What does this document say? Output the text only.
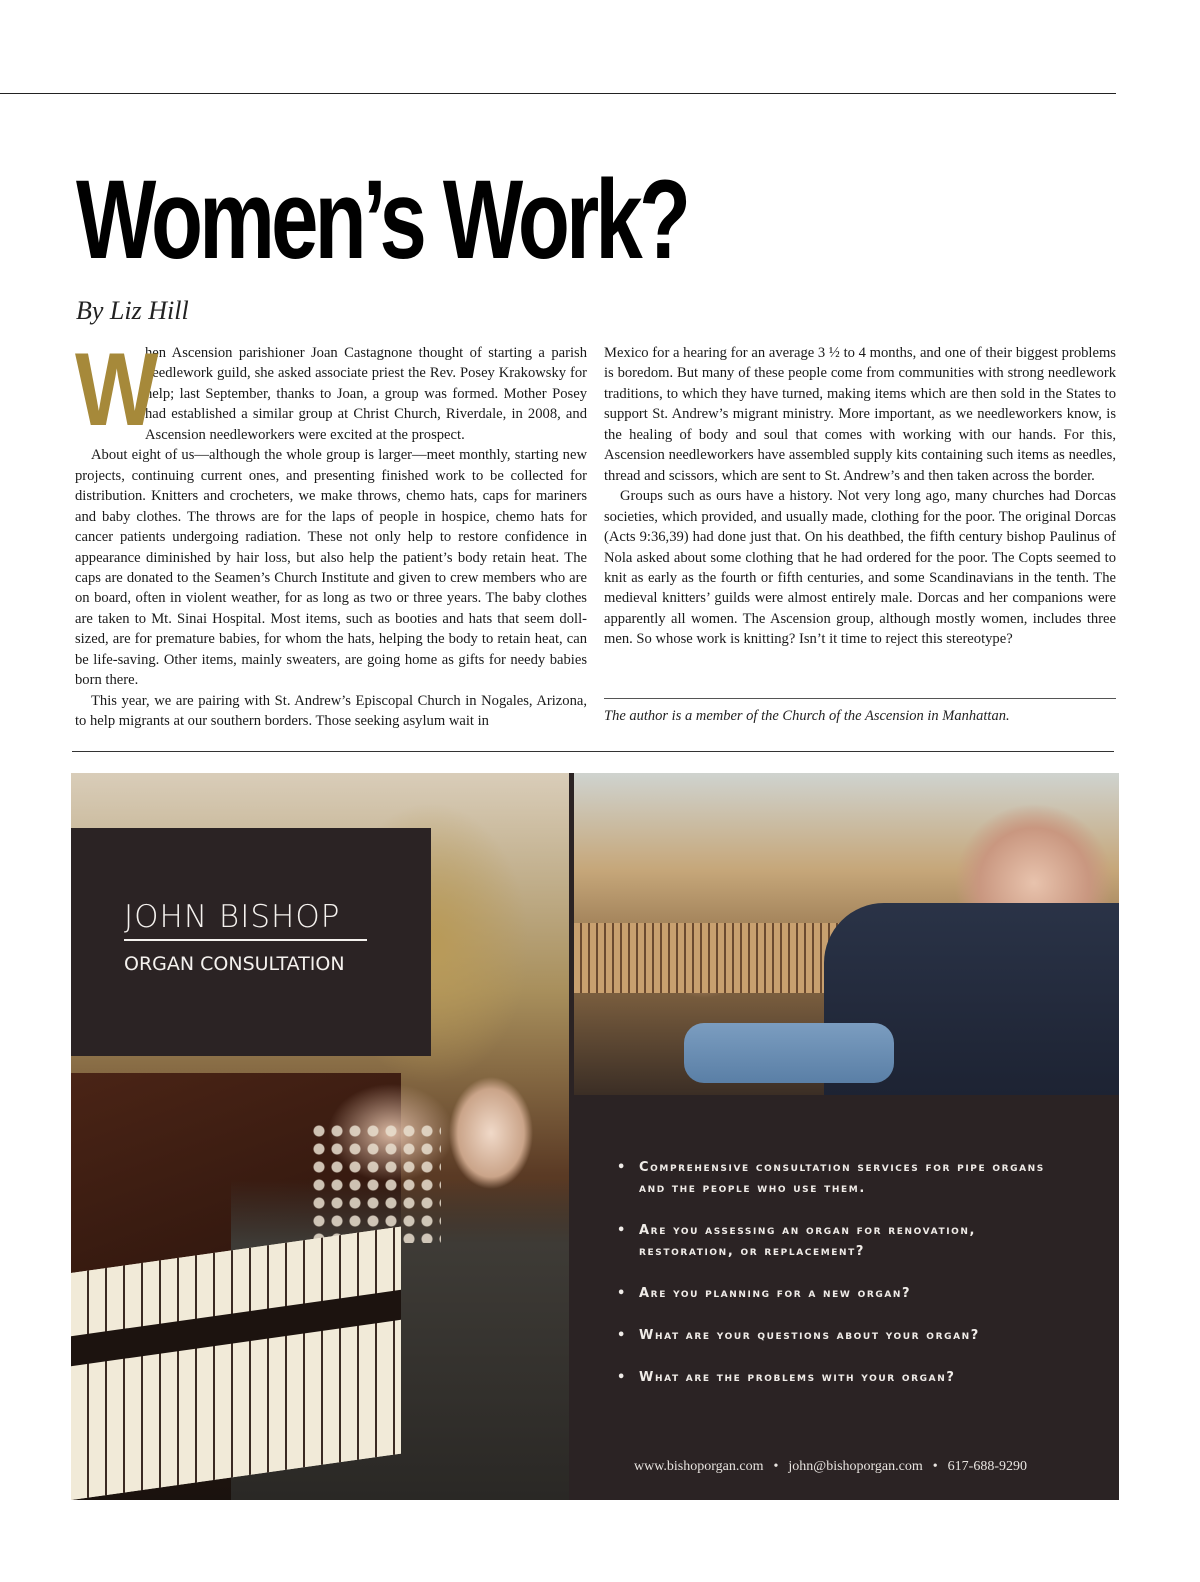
Women’s Work?
By Liz Hill

W
hen Ascension parishioner Joan Castagnone thought of starting a parish needlework guild, she asked associate priest the Rev. Posey Krakowsky for help; last September, thanks to Joan, a group was formed. Mother Posey had established a similar group at Christ Church, Riverdale, in 2008, and Ascension needleworkers were excited at the prospect.

About eight of us—although the whole group is larger—meet monthly, starting new projects, continuing current ones, and presenting finished work to be collected for distribution. Knitters and crocheters, we make throws, chemo hats, caps for mariners and baby clothes. The throws are for the laps of people in hospice, chemo hats for cancer patients undergoing radiation. These not only help to restore confidence in appearance diminished by hair loss, but also help the patient’s body retain heat. The caps are donated to the Seamen’s Church Institute and given to crew members who are on board, often in violent weather, for as long as two or three years. The baby clothes are taken to Mt. Sinai Hospital. Most items, such as booties and hats that seem doll-sized, are for premature babies, for whom the hats, helping the body to retain heat, can be life-saving. Other items, mainly sweaters, are going home as gifts for needy babies born there.

This year, we are pairing with St. Andrew’s Episcopal Church in Nogales, Arizona, to help migrants at our southern borders. Those seeking asylum wait in

Mexico for a hearing for an average 3 ½ to 4 months, and one of their biggest problems is boredom. But many of these people come from communities with strong needlework traditions, to which they have turned, making items which are then sold in the States to support St. Andrew’s migrant ministry. More important, as we needleworkers know, is the healing of body and soul that comes with working with our hands. For this, Ascension needleworkers have assembled supply kits containing such items as needles, thread and scissors, which are sent to St. Andrew’s and then taken across the border.

Groups such as ours have a history. Not very long ago, many churches had Dorcas societies, which provided, and usually made, clothing for the poor. The original Dorcas (Acts 9:36,39) had done just that. On his deathbed, the fifth century bishop Paulinus of Nola asked about some clothing that he had ordered for the poor. The Copts seemed to knit as early as the fourth or fifth centuries, and some Scandinavians in the tenth. The medieval knitters’ guilds were almost entirely male. Dorcas and her companions were apparently all women. The Ascension group, although mostly women, includes three men. So whose work is knitting? Isn’t it time to reject this stereotype?

The author is a member of the Church of the Ascension in Manhattan.
JOHN BISHOP
ORGAN CONSULTATION
• Comprehensive consultation services for pipe organs and the people who use them.
• Are you assessing an organ for renovation, restoration, or replacement?
• Are you planning for a new organ?
• What are your questions about your organ?
• What are the problems with your organ?
www.bishoporgan.com • john@bishoporgan.com • 617-688-9290
